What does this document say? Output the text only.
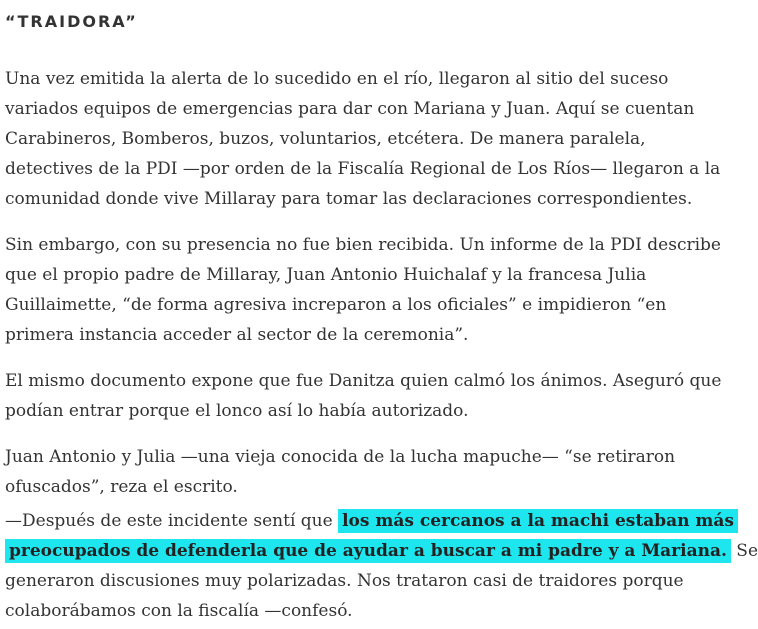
“TRAIDORA”

Una vez emitida la alerta de lo sucedido en el río, llegaron al sitio del suceso
variados equipos de emergencias para dar con Mariana y Juan. Aquí se cuentan
Carabineros, Bomberos, buzos, voluntarios, etcétera. De manera paralela,
detectives de la PDI —por orden de la Fiscalía Regional de Los Ríos— llegaron a la
comunidad donde vive Millaray para tomar las declaraciones correspondientes.

Sin embargo, con su presencia no fue bien recibida. Un informe de la PDI describe
que el propio padre de Millaray, Juan Antonio Huichalaf y la francesa Julia
Guillaimette, “de forma agresiva increparon a los oficiales” e impidieron “en
primera instancia acceder al sector de la ceremonia”.

El mismo documento expone que fue Danitza quien calmó los ánimos. Aseguró que
podían entrar porque el lonco así lo había autorizado.

Juan Antonio y Julia —una vieja conocida de la lucha mapuche— “se retiraron
ofuscados”, reza el escrito.

—Después de este incidente sentí que los más cercanos a la machi estaban más
preocupados de defenderla que de ayudar a buscar a mi padre y a Mariana. Se
generaron discusiones muy polarizadas. Nos trataron casi de traidores porque
colaborábamos con la fiscalía —confesó.
